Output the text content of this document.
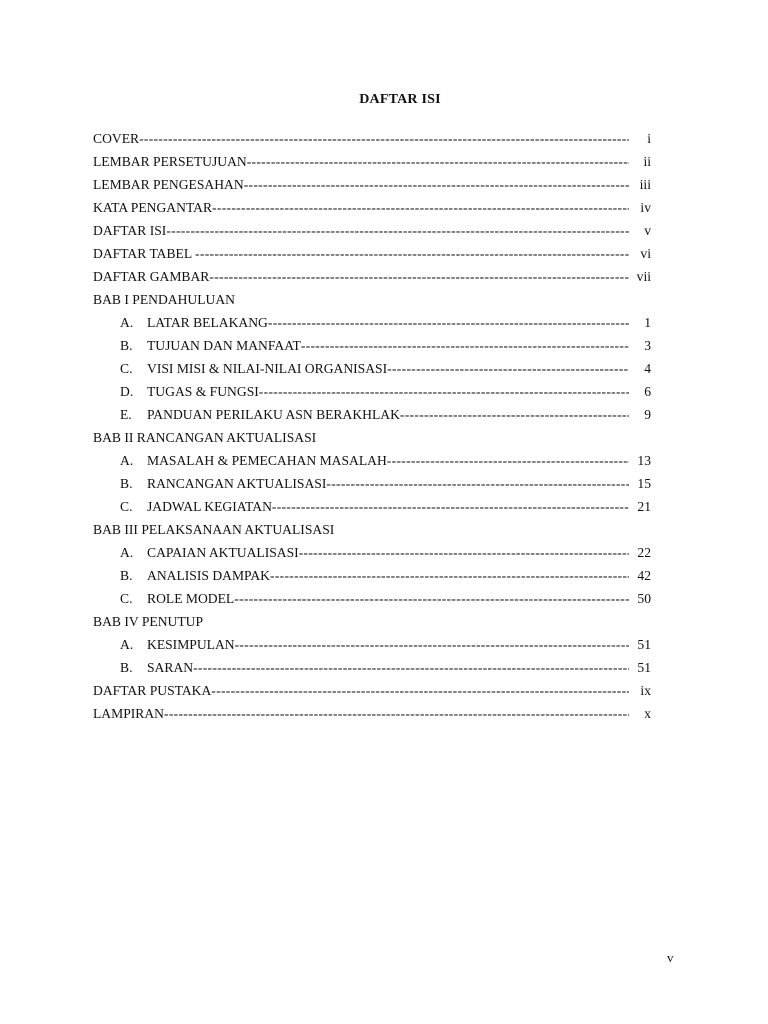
DAFTAR ISI
COVER -----	i
LEMBAR PERSETUJUAN -----	ii
LEMBAR PENGESAHAN -----	iii
KATA PENGANTAR -----	iv
DAFTAR ISI -----	v
DAFTAR TABEL -----	vi
DAFTAR GAMBAR -----	vii
BAB I PENDAHULUAN
A.	LATAR BELAKANG -----	1
B.	TUJUAN DAN MANFAAT -----	3
C.	VISI MISI & NILAI-NILAI ORGANISASI -----	4
D.	TUGAS & FUNGSI -----	6
E.	PANDUAN PERILAKU ASN BERAKHLAK -----	9
BAB II RANCANGAN AKTUALISASI
A.	MASALAH & PEMECAHAN MASALAH -----	13
B.	RANCANGAN AKTUALISASI -----	15
C.	JADWAL KEGIATAN -----	21
BAB III PELAKSANAAN AKTUALISASI
A.	CAPAIAN AKTUALISASI -----	22
B.	ANALISIS DAMPAK -----	42
C.	ROLE MODEL -----	50
BAB IV PENUTUP
A.	KESIMPULAN -----	51
B.	SARAN -----	51
DAFTAR PUSTAKA -----	ix
LAMPIRAN -----	x
v
